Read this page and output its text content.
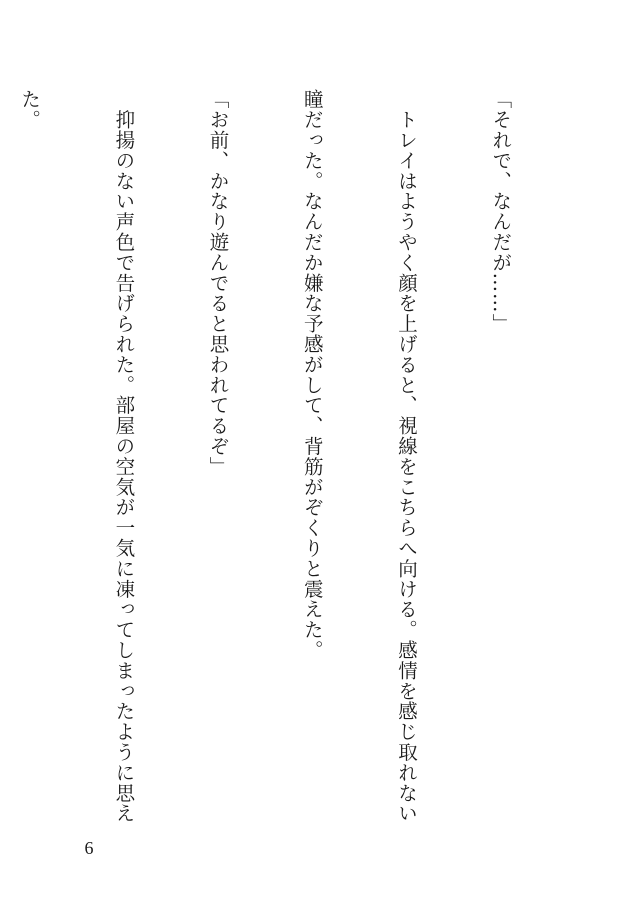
「それで、なんだが……」

　トレイはようやく顔を上げると、視線をこちらへ向ける。感情を感じ取れない

瞳だった。なんだか嫌な予感がして、背筋がぞくりと震えた。

「お前、かなり遊んでると思われてるぞ」

　抑揚のない声色で告げられた。部屋の空気が一気に凍ってしまったように思え

た。

6
